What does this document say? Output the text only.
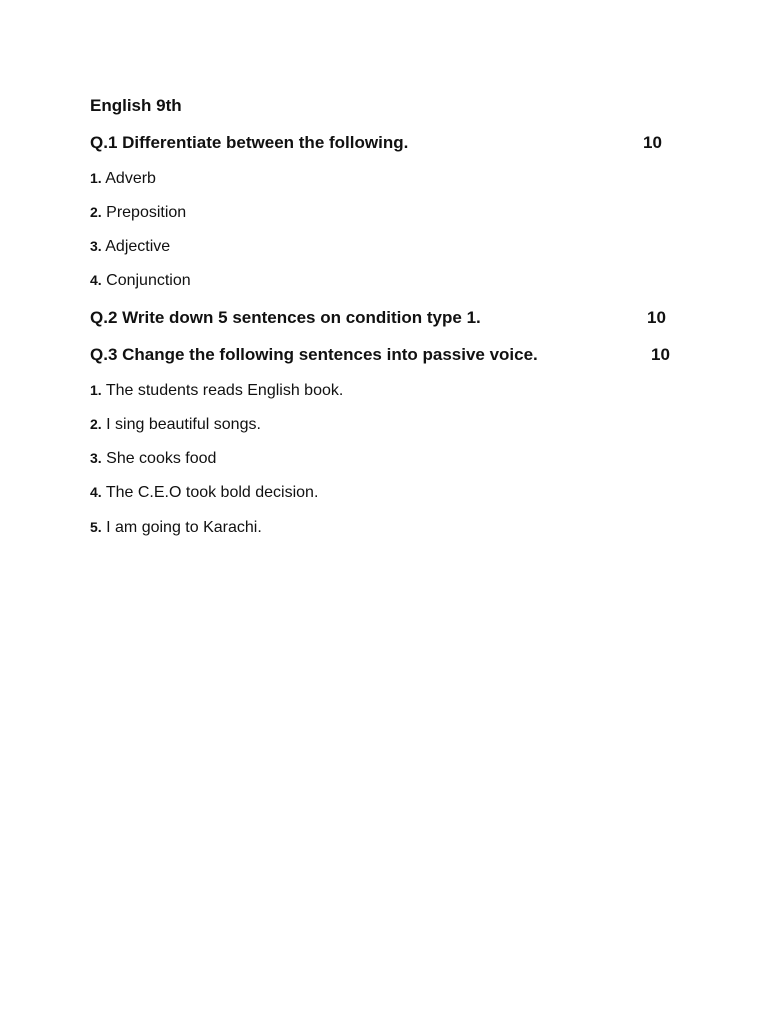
English 9th
Q.1 Differentiate between the following.	10
1. Adverb
2. Preposition
3. Adjective
4. Conjunction
Q.2 Write down 5 sentences on condition type 1.	10
Q.3 Change the following sentences into passive voice.	10
1. The students reads English book.
2. I sing beautiful songs.
3. She cooks food
4. The C.E.O took bold decision.
5. I am going to Karachi.
